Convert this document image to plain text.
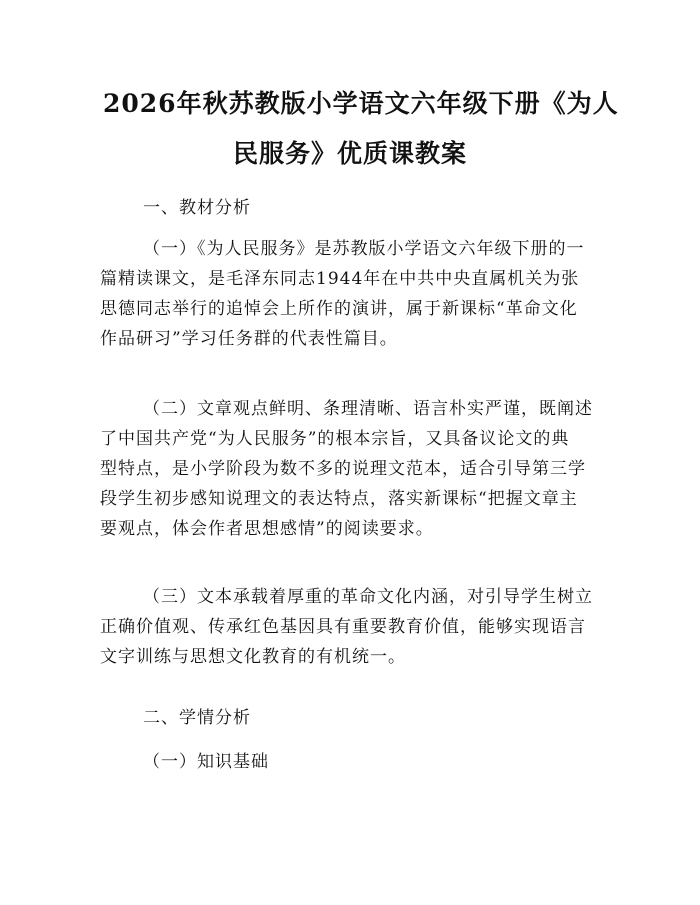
2026年秋苏教版小学语文六年级下册《为人
民服务》优质课教案
一、教材分析
（一）《为人民服务》是苏教版小学语文六年级下册的一
篇精读课文，是毛泽东同志1944年在中共中央直属机关为张
思德同志举行的追悼会上所作的演讲，属于新课标“革命文化
作品研习”学习任务群的代表性篇目。
（二）文章观点鲜明、条理清晰、语言朴实严谨，既阐述
了中国共产党“为人民服务”的根本宗旨，又具备议论文的典
型特点，是小学阶段为数不多的说理文范本，适合引导第三学
段学生初步感知说理文的表达特点，落实新课标“把握文章主
要观点，体会作者思想感情”的阅读要求。
（三）文本承载着厚重的革命文化内涵，对引导学生树立
正确价值观、传承红色基因具有重要教育价值，能够实现语言
文字训练与思想文化教育的有机统一。
二、学情分析
（一）知识基础
